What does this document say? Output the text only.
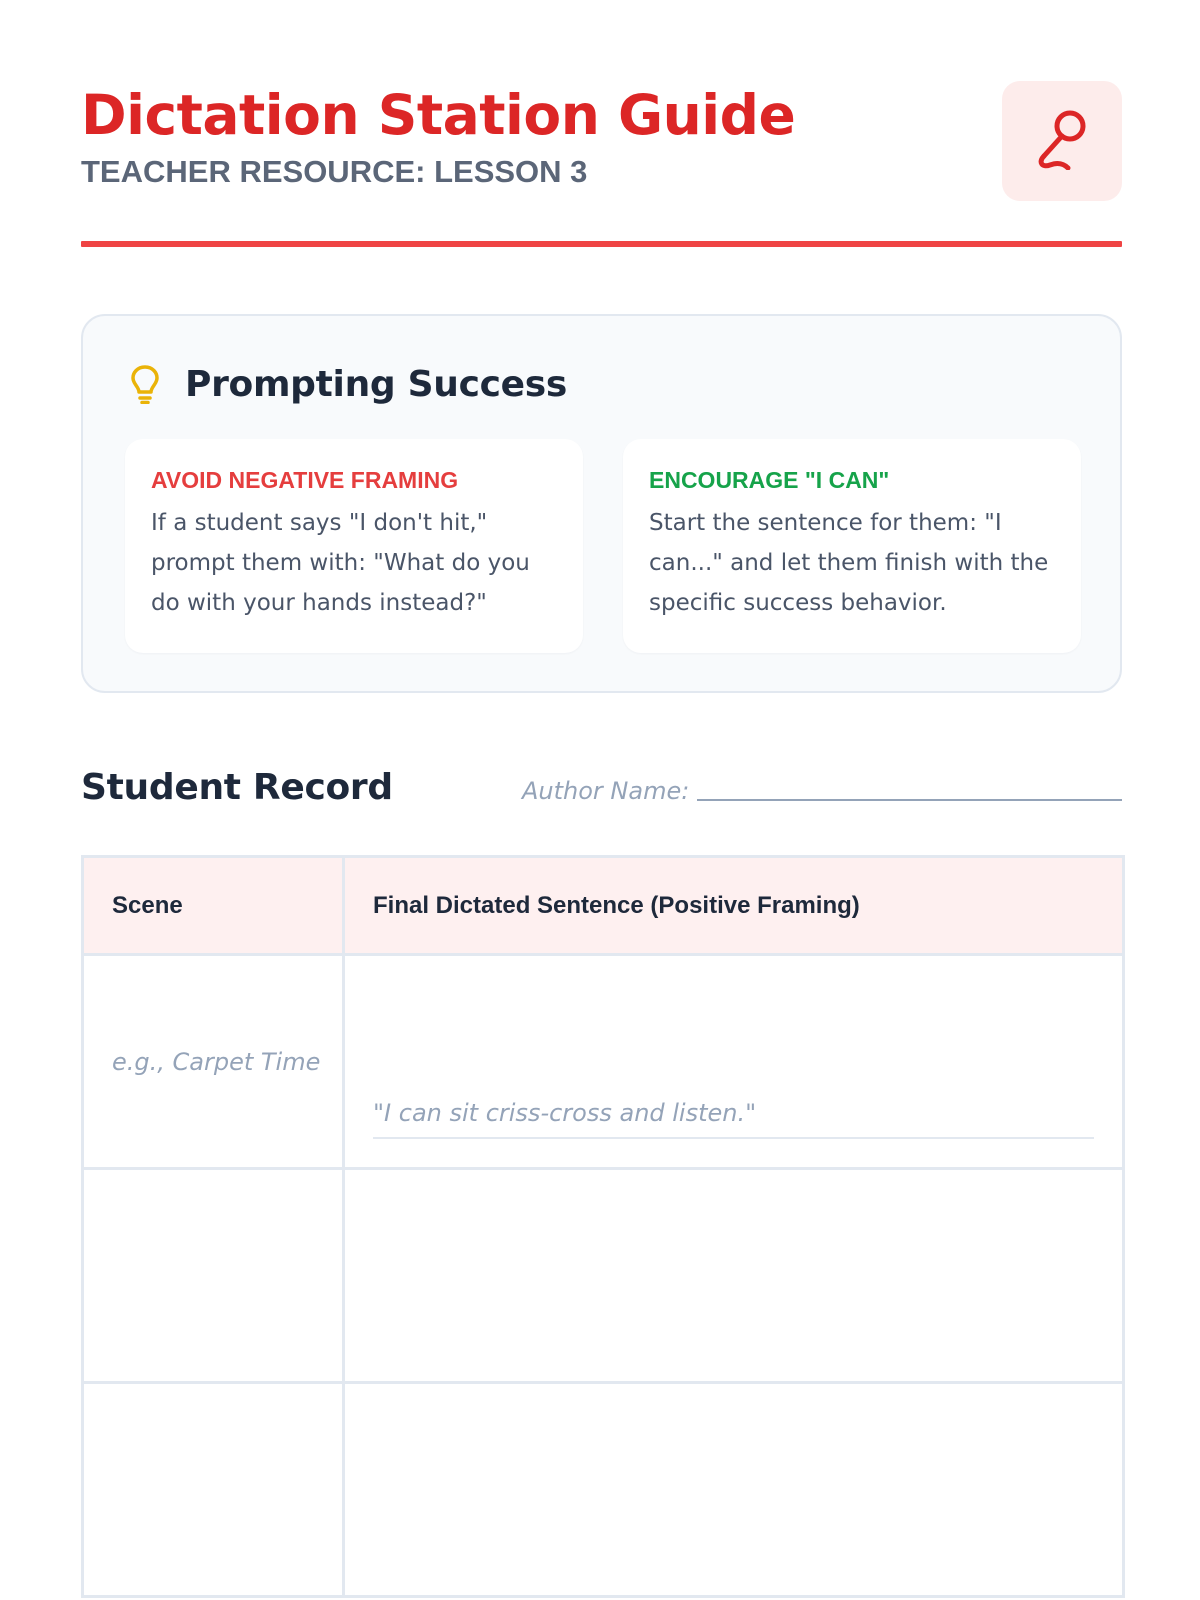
Dictation Station Guide
TEACHER RESOURCE: LESSON 3
Prompting Success

AVOID NEGATIVE FRAMING

If a student says "I don't hit," prompt them with: "What do you do with your hands instead?"

ENCOURAGE "I CAN"

Start the sentence for them: "I can..." and let them finish with the specific success behavior.

Student Record	Author Name:
Scene	Final Dictated Sentence (Positive Framing)
e.g., Carpet Time	"I can sit criss-cross and listen."
